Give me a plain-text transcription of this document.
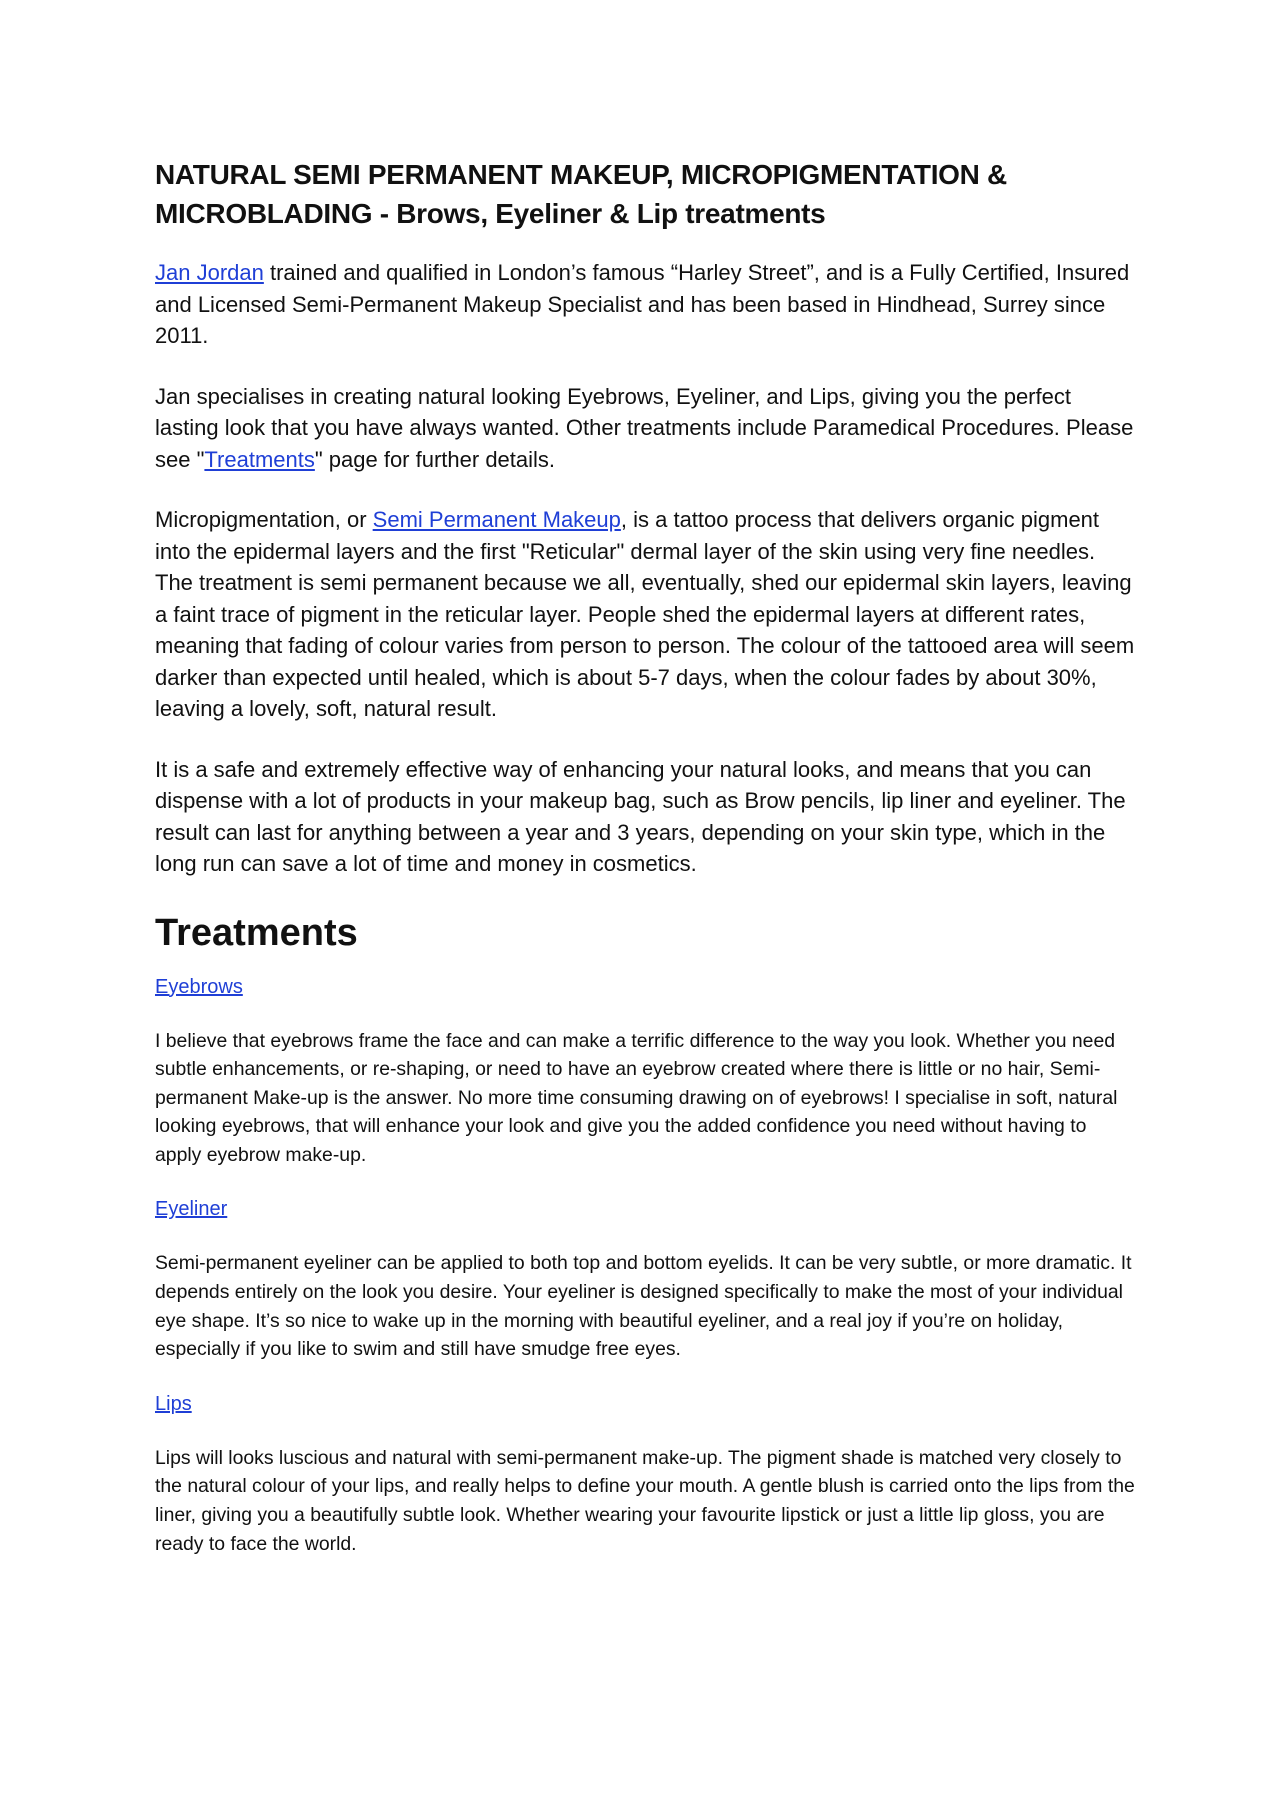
NATURAL SEMI PERMANENT MAKEUP, MICROPIGMENTATION & MICROBLADING - Brows, Eyeliner & Lip treatments

Jan Jordan trained and qualified in London’s famous “Harley Street”, and is a Fully Certified, Insured and Licensed Semi-Permanent Makeup Specialist and has been based in Hindhead, Surrey since 2011.

Jan specialises in creating natural looking Eyebrows, Eyeliner, and Lips, giving you the perfect lasting look that you have always wanted. Other treatments include Paramedical Procedures. Please see "Treatments" page for further details.

Micropigmentation, or Semi Permanent Makeup, is a tattoo process that delivers organic pigment into the epidermal layers and the first "Reticular" dermal layer of the skin using very fine needles. The treatment is semi permanent because we all, eventually, shed our epidermal skin layers, leaving a faint trace of pigment in the reticular layer. People shed the epidermal layers at different rates, meaning that fading of colour varies from person to person. The colour of the tattooed area will seem darker than expected until healed, which is about 5-7 days, when the colour fades by about 30%, leaving a lovely, soft, natural result.

It is a safe and extremely effective way of enhancing your natural looks, and means that you can dispense with a lot of products in your makeup bag, such as Brow pencils, lip liner and eyeliner. The result can last for anything between a year and 3 years, depending on your skin type, which in the long run can save a lot of time and money in cosmetics.

Treatments
Eyebrows

I believe that eyebrows frame the face and can make a terrific difference to the way you look. Whether you need subtle enhancements, or re-shaping, or need to have an eyebrow created where there is little or no hair, Semi-permanent Make-up is the answer. No more time consuming drawing on of eyebrows! I specialise in soft, natural looking eyebrows, that will enhance your look and give you the added confidence you need without having to apply eyebrow make-up.

Eyeliner

Semi-permanent eyeliner can be applied to both top and bottom eyelids. It can be very subtle, or more dramatic. It depends entirely on the look you desire. Your eyeliner is designed specifically to make the most of your individual eye shape. It’s so nice to wake up in the morning with beautiful eyeliner, and a real joy if you’re on holiday, especially if you like to swim and still have smudge free eyes.

Lips

Lips will looks luscious and natural with semi-permanent make-up. The pigment shade is matched very closely to the natural colour of your lips, and really helps to define your mouth. A gentle blush is carried onto the lips from the liner, giving you a beautifully subtle look. Whether wearing your favourite lipstick or just a little lip gloss, you are ready to face the world.
